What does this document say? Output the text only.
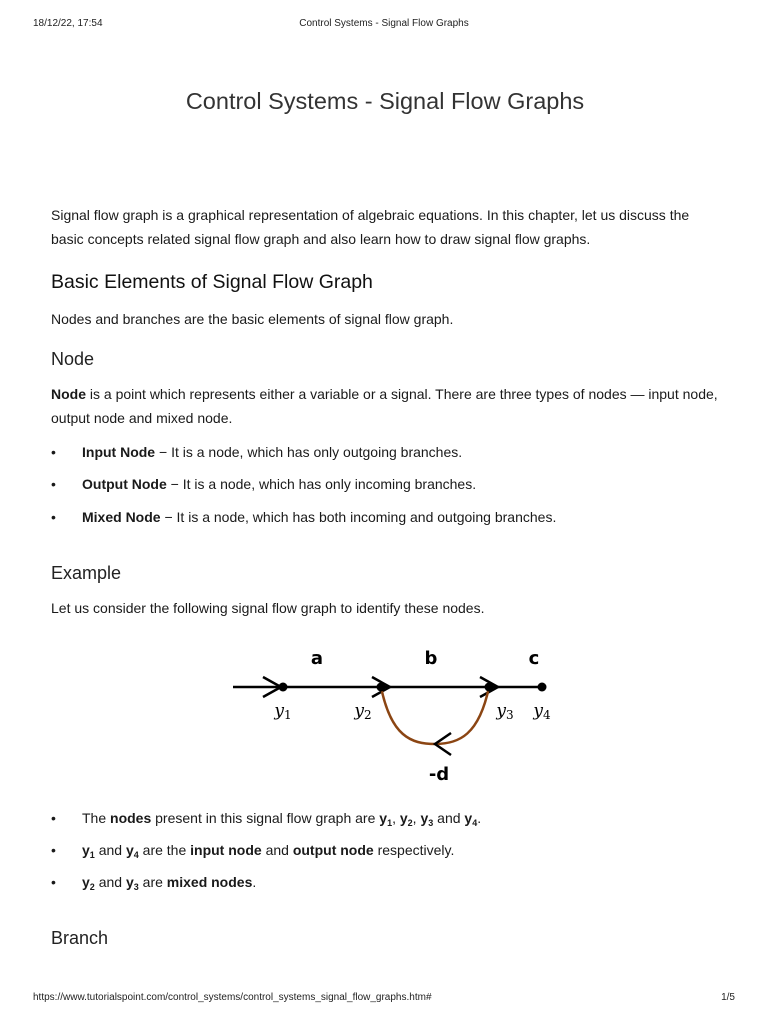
18/12/22, 17:54	Control Systems - Signal Flow Graphs
Control Systems - Signal Flow Graphs

Signal flow graph is a graphical representation of algebraic equations. In this chapter, let us discuss the basic concepts related signal flow graph and also learn how to draw signal flow graphs.

Basic Elements of Signal Flow Graph

Nodes and branches are the basic elements of signal flow graph.

Node

Node is a point which represents either a variable or a signal. There are three types of nodes — input node, output node and mixed node.

• Input Node − It is a node, which has only outgoing branches.
• Output Node − It is a node, which has only incoming branches.
• Mixed Node − It is a node, which has both incoming and outgoing branches.
Example

Let us consider the following signal flow graph to identify these nodes.

a	b	c
-d
y1	y2	y3 y4
• The nodes present in this signal flow graph are $y_1$, $y_2$, $y_3$ and $y_4$.
• $y_1$ and $y_4$ are the input node and output node respectively.
• $y_2$ and $y_3$ are mixed nodes.
Branch
https://www.tutorialspoint.com/control_systems/control_systems_signal_flow_graphs.htm#	1/5
